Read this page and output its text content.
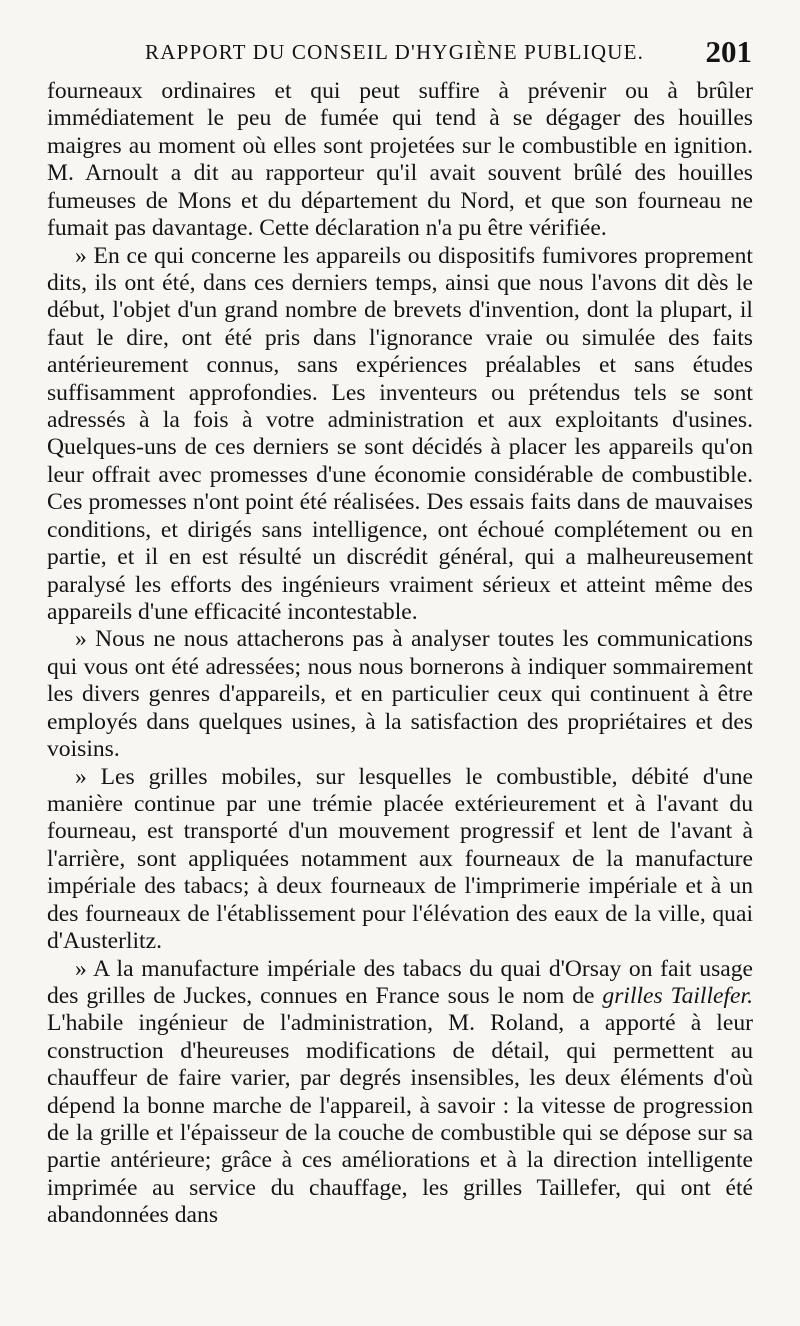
RAPPORT DU CONSEIL D'HYGIÈNE PUBLIQUE. 201

fourneaux ordinaires et qui peut suffire à prévenir ou à brûler immédiatement le peu de fumée qui tend à se dégager des houilles maigres au moment où elles sont projetées sur le combustible en ignition. M. Arnoult a dit au rapporteur qu'il avait souvent brûlé des houilles fumeuses de Mons et du département du Nord, et que son fourneau ne fumait pas davantage. Cette déclaration n'a pu être vérifiée.

» En ce qui concerne les appareils ou dispositifs fumivores proprement dits, ils ont été, dans ces derniers temps, ainsi que nous l'avons dit dès le début, l'objet d'un grand nombre de brevets d'invention, dont la plupart, il faut le dire, ont été pris dans l'ignorance vraie ou simulée des faits antérieurement connus, sans expériences préalables et sans études suffisamment approfondies. Les inventeurs ou prétendus tels se sont adressés à la fois à votre administration et aux exploitants d'usines. Quelques-uns de ces derniers se sont décidés à placer les appareils qu'on leur offrait avec promesses d'une économie considérable de combustible. Ces promesses n'ont point été réalisées. Des essais faits dans de mauvaises conditions, et dirigés sans intelligence, ont échoué complétement ou en partie, et il en est résulté un discrédit général, qui a malheureusement paralysé les efforts des ingénieurs vraiment sérieux et atteint même des appareils d'une efficacité incontestable.

» Nous ne nous attacherons pas à analyser toutes les communications qui vous ont été adressées; nous nous bornerons à indiquer sommairement les divers genres d'appareils, et en particulier ceux qui continuent à être employés dans quelques usines, à la satisfaction des propriétaires et des voisins.

» Les grilles mobiles, sur lesquelles le combustible, débité d'une manière continue par une trémie placée extérieurement et à l'avant du fourneau, est transporté d'un mouvement progressif et lent de l'avant à l'arrière, sont appliquées notamment aux fourneaux de la manufacture impériale des tabacs; à deux fourneaux de l'imprimerie impériale et à un des fourneaux de l'établissement pour l'élévation des eaux de la ville, quai d'Austerlitz.

» A la manufacture impériale des tabacs du quai d'Orsay on fait usage des grilles de Juckes, connues en France sous le nom de grilles Taillefer. L'habile ingénieur de l'administration, M. Roland, a apporté à leur construction d'heureuses modifications de détail, qui permettent au chauffeur de faire varier, par degrés insensibles, les deux éléments d'où dépend la bonne marche de l'appareil, à savoir : la vitesse de progression de la grille et l'épaisseur de la couche de combustible qui se dépose sur sa partie antérieure; grâce à ces améliorations et à la direction intelligente imprimée au service du chauffage, les grilles Taillefer, qui ont été abandonnées dans
